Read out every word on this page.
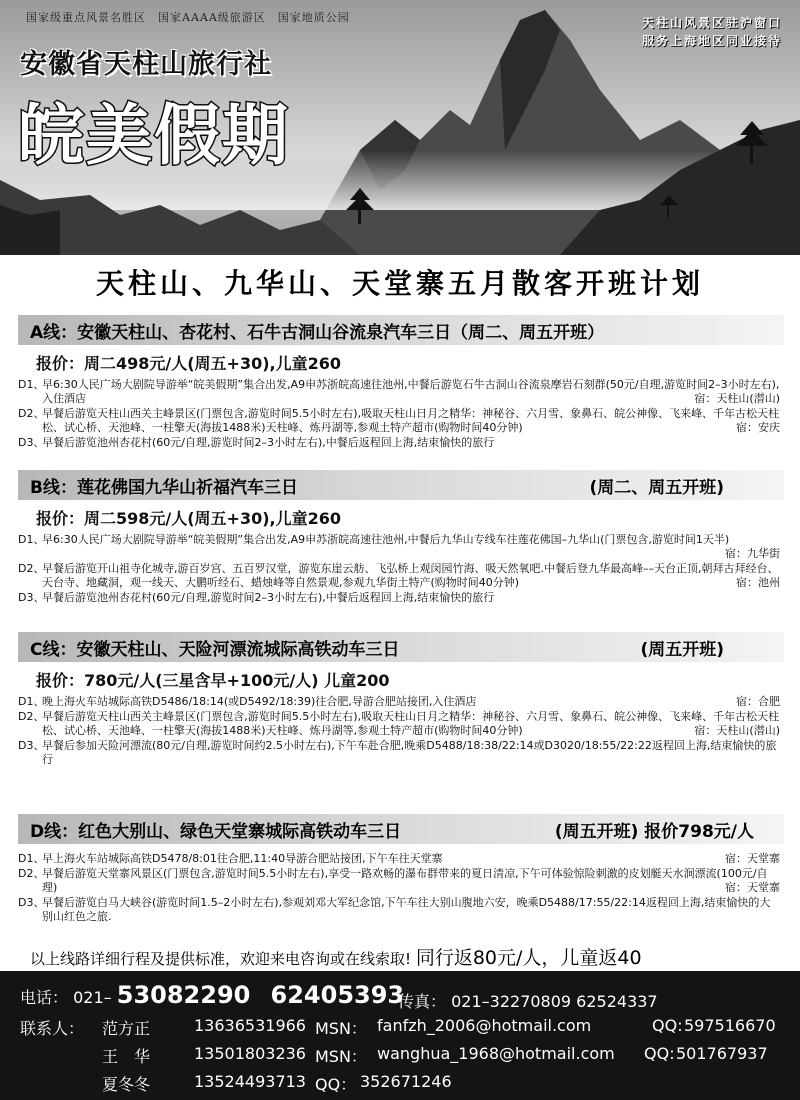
国家级重点风景名胜区　国家AAAA级旅游区　国家地质公园
安徽省天柱山旅行社
皖美假期
天柱山风景区驻沪窗口
服务上海地区同业接待
天柱山、九华山、天堂寨五月散客开班计划
A线：安徽天柱山、杏花村、石牛古洞山谷流泉汽车三日（周二、周五开班）
报价：周二498元/人(周五+30),儿童260
D1、
早6:30人民广场大剧院导游举“皖美假期”集合出发,A9申苏浙皖高速往池州,中餐后游览石牛古洞山谷流泉摩岩石刻群(50元/自理,游览时间2–3小时左右),入住酒店	宿：天柱山(潜山)
D2、
早餐后游览天柱山西关主峰景区(门票包含,游览时间5.5小时左右),吸取天柱山日月之精华：神秘谷、六月雪、象鼻石、皖公神像、飞来峰、千年古松天柱松、试心桥、天池峰、一柱擎天(海拔1488米)天柱峰、炼丹湖等,参观土特产超市(购物时间40分钟)	宿：安庆
D3、
早餐后游览池州杏花村(60元/自理,游览时间2–3小时左右),中餐后返程回上海,结束愉快的旅行
B线：莲花佛国九华山祈福汽车三日	(周二、周五开班)
报价：周二598元/人(周五+30),儿童260
D1、
早6:30人民广场大剧院导游举“皖美假期”集合出发,A9申苏浙皖高速往池州,中餐后九华山专线车往莲花佛国–九华山(门票包含,游览时间1天半)
宿：九华街
D2、
早餐后游览开山祖寺化城寺,游百岁宫、五百罗汉堂，游览东崖云舫、飞弘桥上观闵园竹海、吸天然氧吧.中餐后登九华最高峰––天台正顶,朝拜古拜经台、天台寺、地藏洞，观一线天、大鹏听经石、蜡烛峰等自然景观,参观九华街土特产(购物时间40分钟)	宿：池州
D3、
早餐后游览池州杏花村(60元/自理,游览时间2–3小时左右),中餐后返程回上海,结束愉快的旅行
C线：安徽天柱山、天险河漂流城际高铁动车三日	(周五开班)
报价：780元/人(三星含早+100元/人) 儿童200
D1、
晚上海火车站城际高铁D5486/18:14(或D5492/18:39)往合肥,导游合肥站接团,入住酒店	宿：合肥
D2、
早餐后游览天柱山西关主峰景区(门票包含,游览时间5.5小时左右),吸取天柱山日月之精华：神秘谷、六月雪、象鼻石、皖公神像、飞来峰、千年古松天柱松、试心桥、天池峰、一柱擎天(海拔1488米)天柱峰、炼丹湖等,参观土特产超市(购物时间40分钟)	宿：天柱山(潜山)
D3、
早餐后参加天险河漂流(80元/自理,游览时间约2.5小时左右),下午车赴合肥,晚乘D5488/18:38/22:14或D3020/18:55/22:22返程回上海,结束愉快的旅行
D线：红色大别山、绿色天堂寨城际高铁动车三日	(周五开班) 报价798元/人
D1、
早上海火车站城际高铁D5478/8:01往合肥,11:40导游合肥站接团,下午车往天堂寨	宿：天堂寨
D2、
早餐后游览天堂寨风景区(门票包含,游览时间5.5小时左右),享受一路欢畅的瀑布群带来的夏日清凉,下午可体验惊险刺激的皮划艇天水涧漂流(100元/自理)	宿：天堂寨
D3、
早餐后游览白马大峡谷(游览时间1.5–2小时左右),参观刘邓大军纪念馆,下午车往大别山腹地六安，晚乘D5488/17:55/22:14返程回上海,结束愉快的大别山红色之旅.
以上线路详细行程及提供标准，欢迎来电咨询或在线索取! 同行返80元/人，儿童返40
电话： 021– 53082290 62405393
传真： 021–32270809 62524337
联系人： 范方正	13636531966 MSN： fanfzh_2006@hotmail.com	QQ: 597516670
王　华	13501803236 MSN： wanghua_1968@hotmail.com QQ: 501767937
夏冬冬	13524493713 QQ： 352671246
